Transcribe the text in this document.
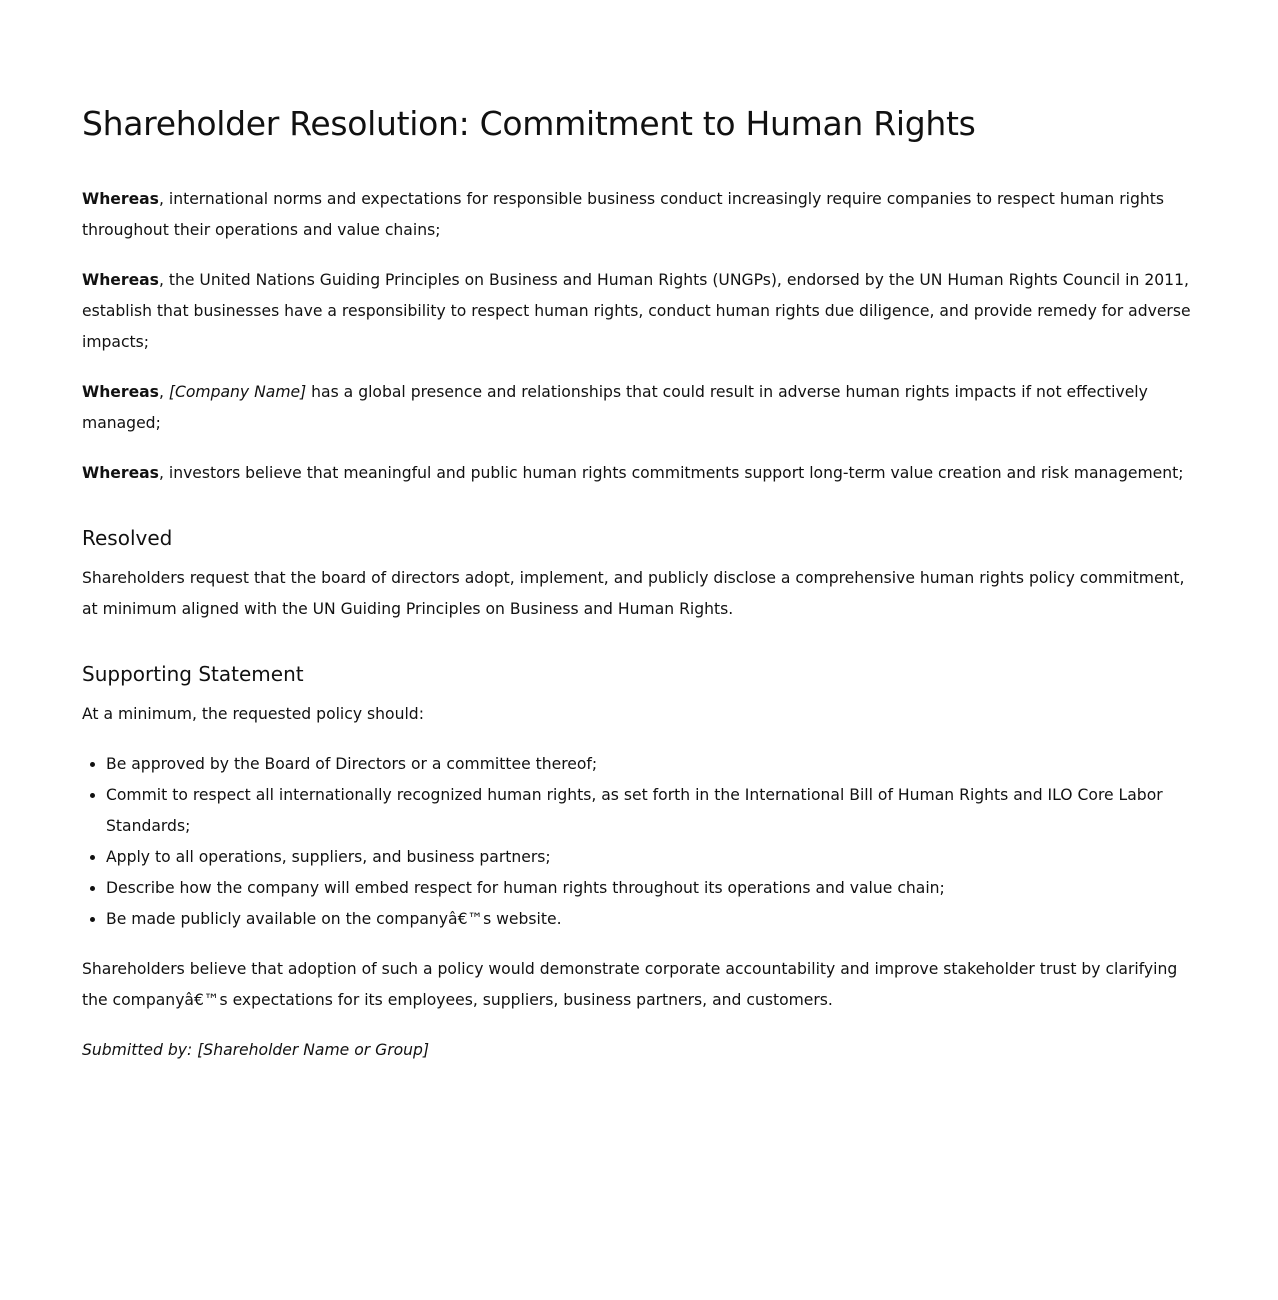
Shareholder Resolution: Commitment to Human Rights

Whereas, international norms and expectations for responsible business conduct increasingly require companies to respect human rights throughout their operations and value chains;

Whereas, the United Nations Guiding Principles on Business and Human Rights (UNGPs), endorsed by the UN Human Rights Council in 2011, establish that businesses have a responsibility to respect human rights, conduct human rights due diligence, and provide remedy for adverse impacts;

Whereas, [Company Name] has a global presence and relationships that could result in adverse human rights impacts if not effectively managed;

Whereas, investors believe that meaningful and public human rights commitments support long-term value creation and risk management;

Resolved

Shareholders request that the board of directors adopt, implement, and publicly disclose a comprehensive human rights policy commitment, at minimum aligned with the UN Guiding Principles on Business and Human Rights.

Supporting Statement

At a minimum, the requested policy should:

• Be approved by the Board of Directors or a committee thereof;
• Commit to respect all internationally recognized human rights, as set forth in the International Bill of Human Rights and ILO Core Labor Standards;
• Apply to all operations, suppliers, and business partners;
• Describe how the company will embed respect for human rights throughout its operations and value chain;
• Be made publicly available on the companyâ€™s website.

Shareholders believe that adoption of such a policy would demonstrate corporate accountability and improve stakeholder trust by clarifying the companyâ€™s expectations for its employees, suppliers, business partners, and customers.

Submitted by: [Shareholder Name or Group]
